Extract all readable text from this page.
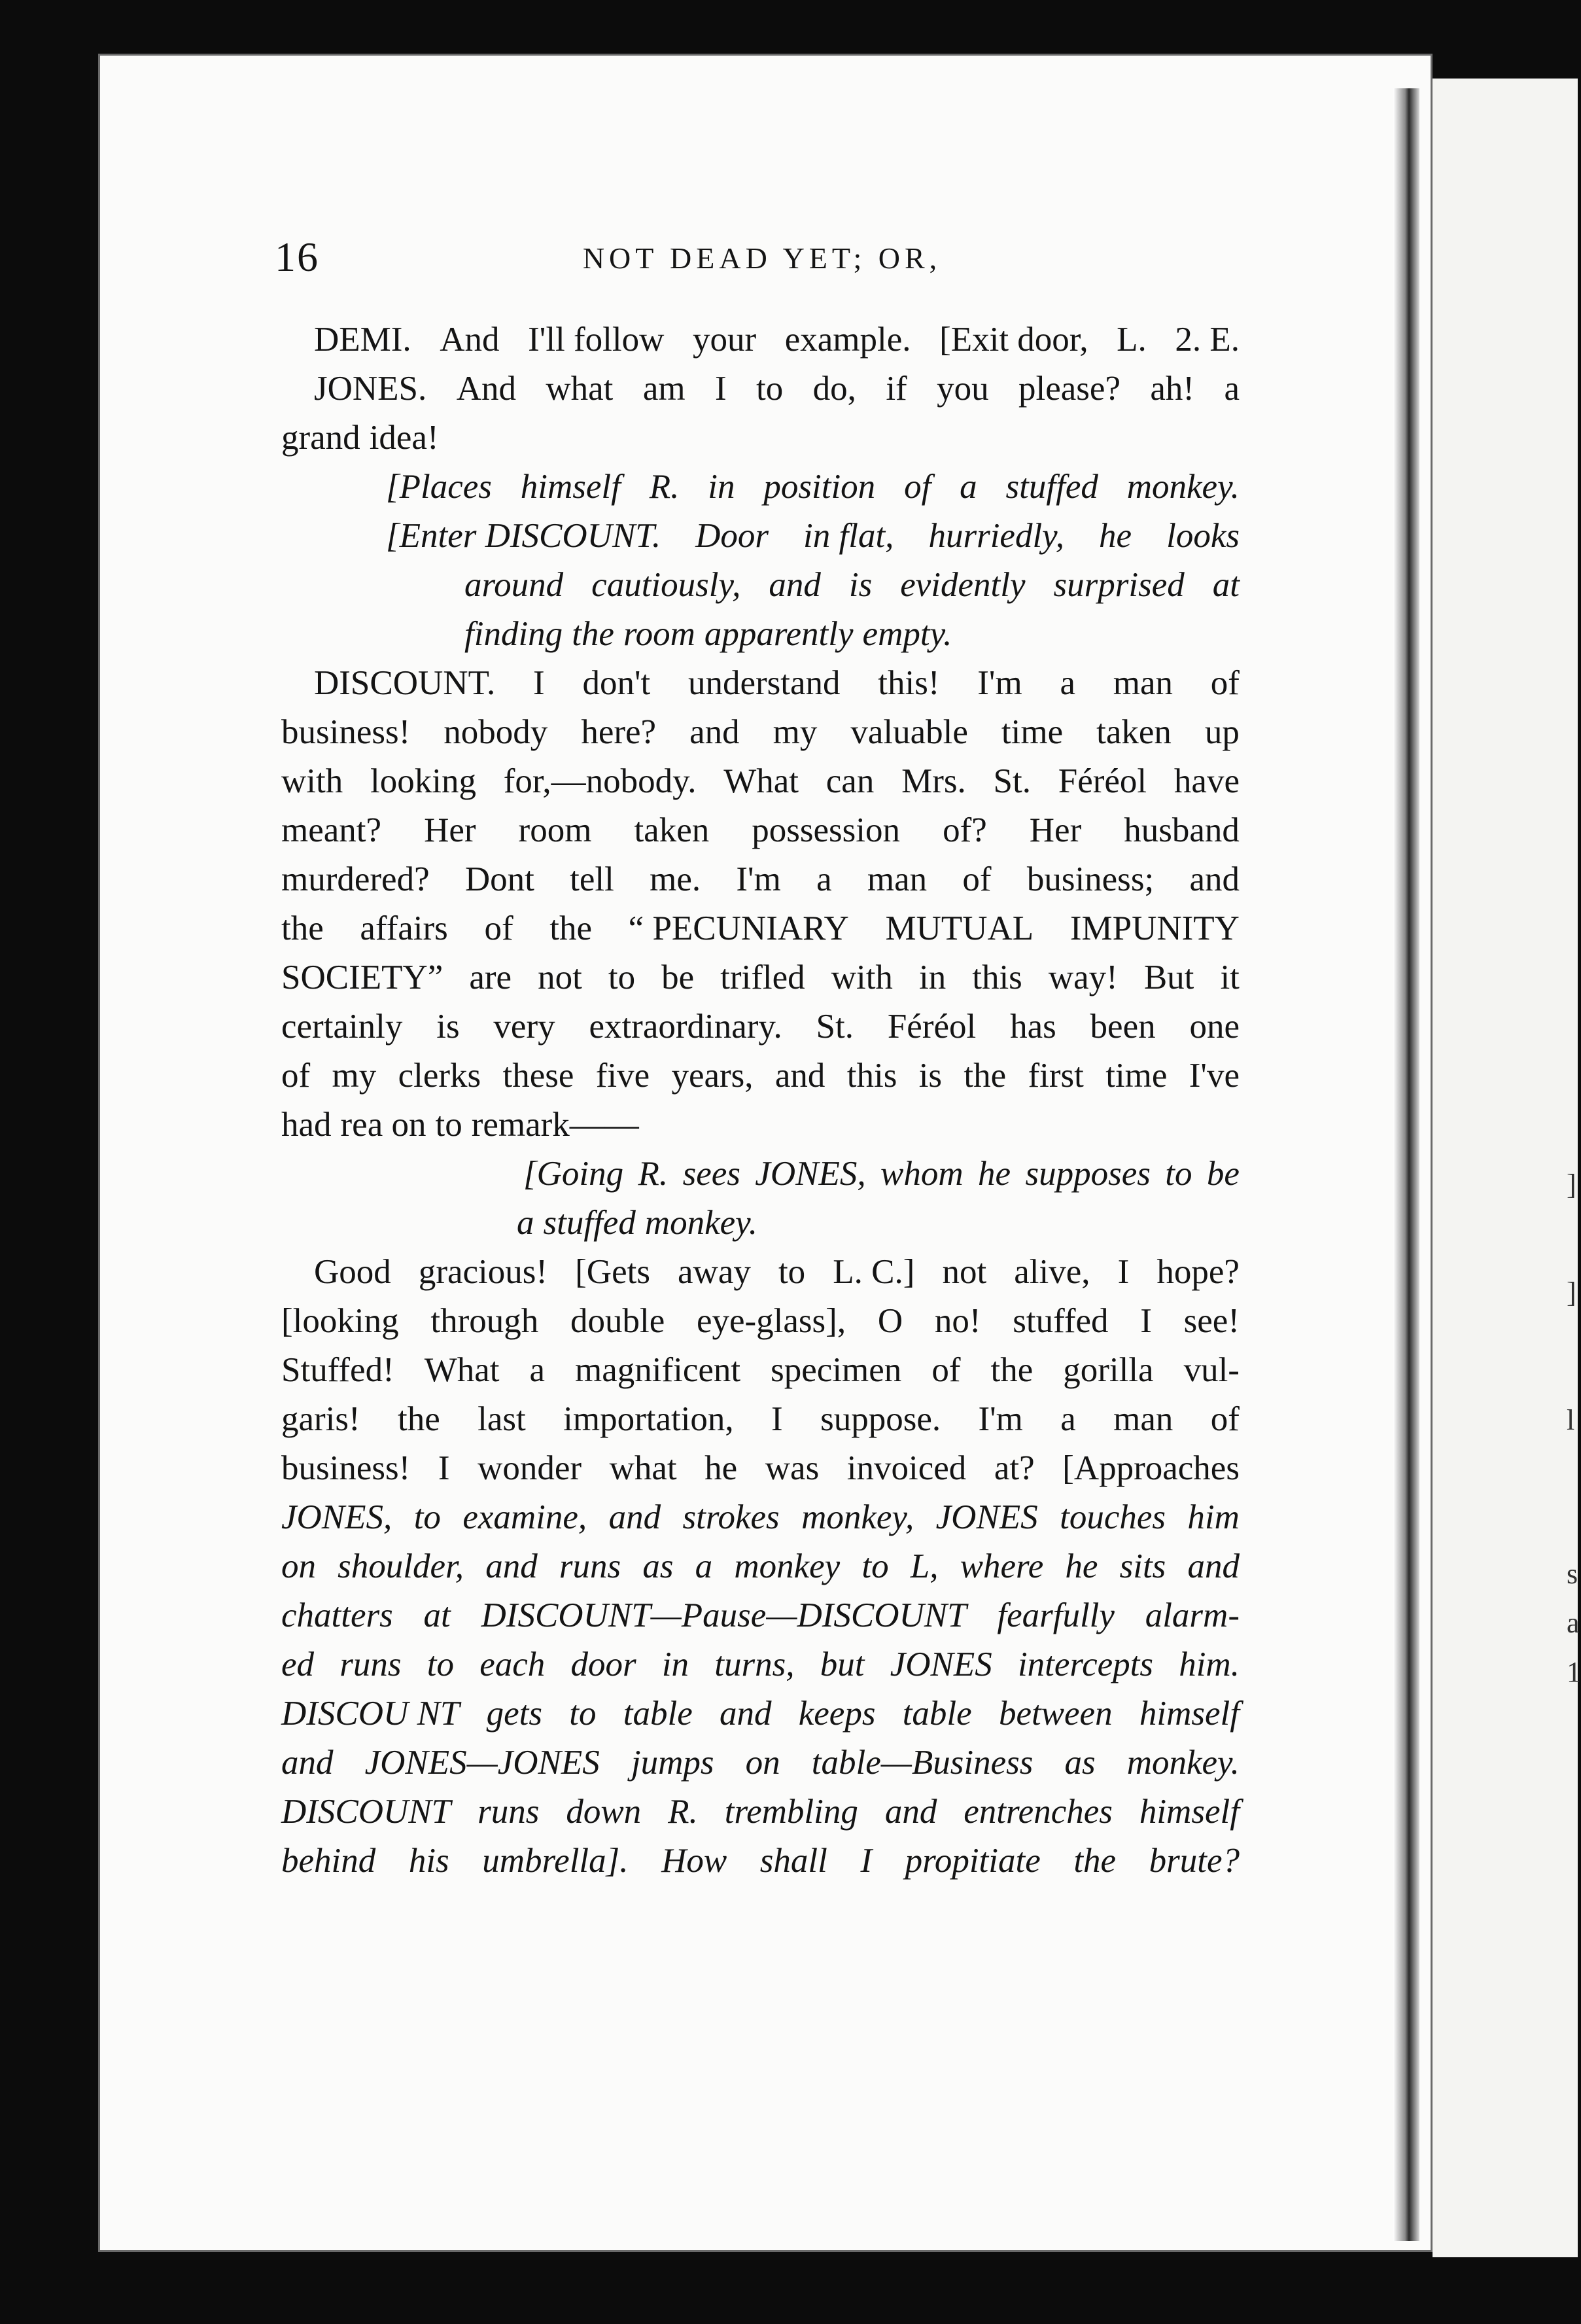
]
l
]
s
a
1
16	NOT DEAD YET; OR,
DEMI. And I'll follow your example. [Exit door, L. 2. E.
JONES. And what am I to do, if you please? ah! a
grand idea!
[Places himself R. in position of a stuffed monkey.
[Enter DISCOUNT. Door in flat, hurriedly, he looks
around cautiously, and is evidently surprised at
finding the room apparently empty.
DISCOUNT. I don't understand this! I'm a man of
business! nobody here? and my valuable time taken up
with looking for,—nobody. What can Mrs. St. Féréol have
meant? Her room taken possession of? Her husband
murdered? Dont tell me. I'm a man of business; and
the affairs of the “ PECUNIARY MUTUAL IMPUNITY
SOCIETY” are not to be trifled with in this way! But it
certainly is very extraordinary. St. Féréol has been one
of my clerks these five years, and this is the first time I've
had rea on to remark——
[Going R. sees JONES, whom he supposes to be
a stuffed monkey.
Good gracious! [Gets away to L. C.] not alive, I hope?
[looking through double eye-glass], O no! stuffed I see!
Stuffed! What a magnificent specimen of the gorilla vul-
garis! the last importation, I suppose. I'm a man of
business! I wonder what he was invoiced at? [Approaches
JONES, to examine, and strokes monkey, JONES touches him
on shoulder, and runs as a monkey to L, where he sits and
chatters at DISCOUNT—Pause—DISCOUNT fearfully alarm-
ed runs to each door in turns, but JONES intercepts him.
DISCOU NT gets to table and keeps table between himself
and JONES—JONES jumps on table—Business as monkey.
DISCOUNT runs down R. trembling and entrenches himself
behind his umbrella]. How shall I propitiate the brute?
